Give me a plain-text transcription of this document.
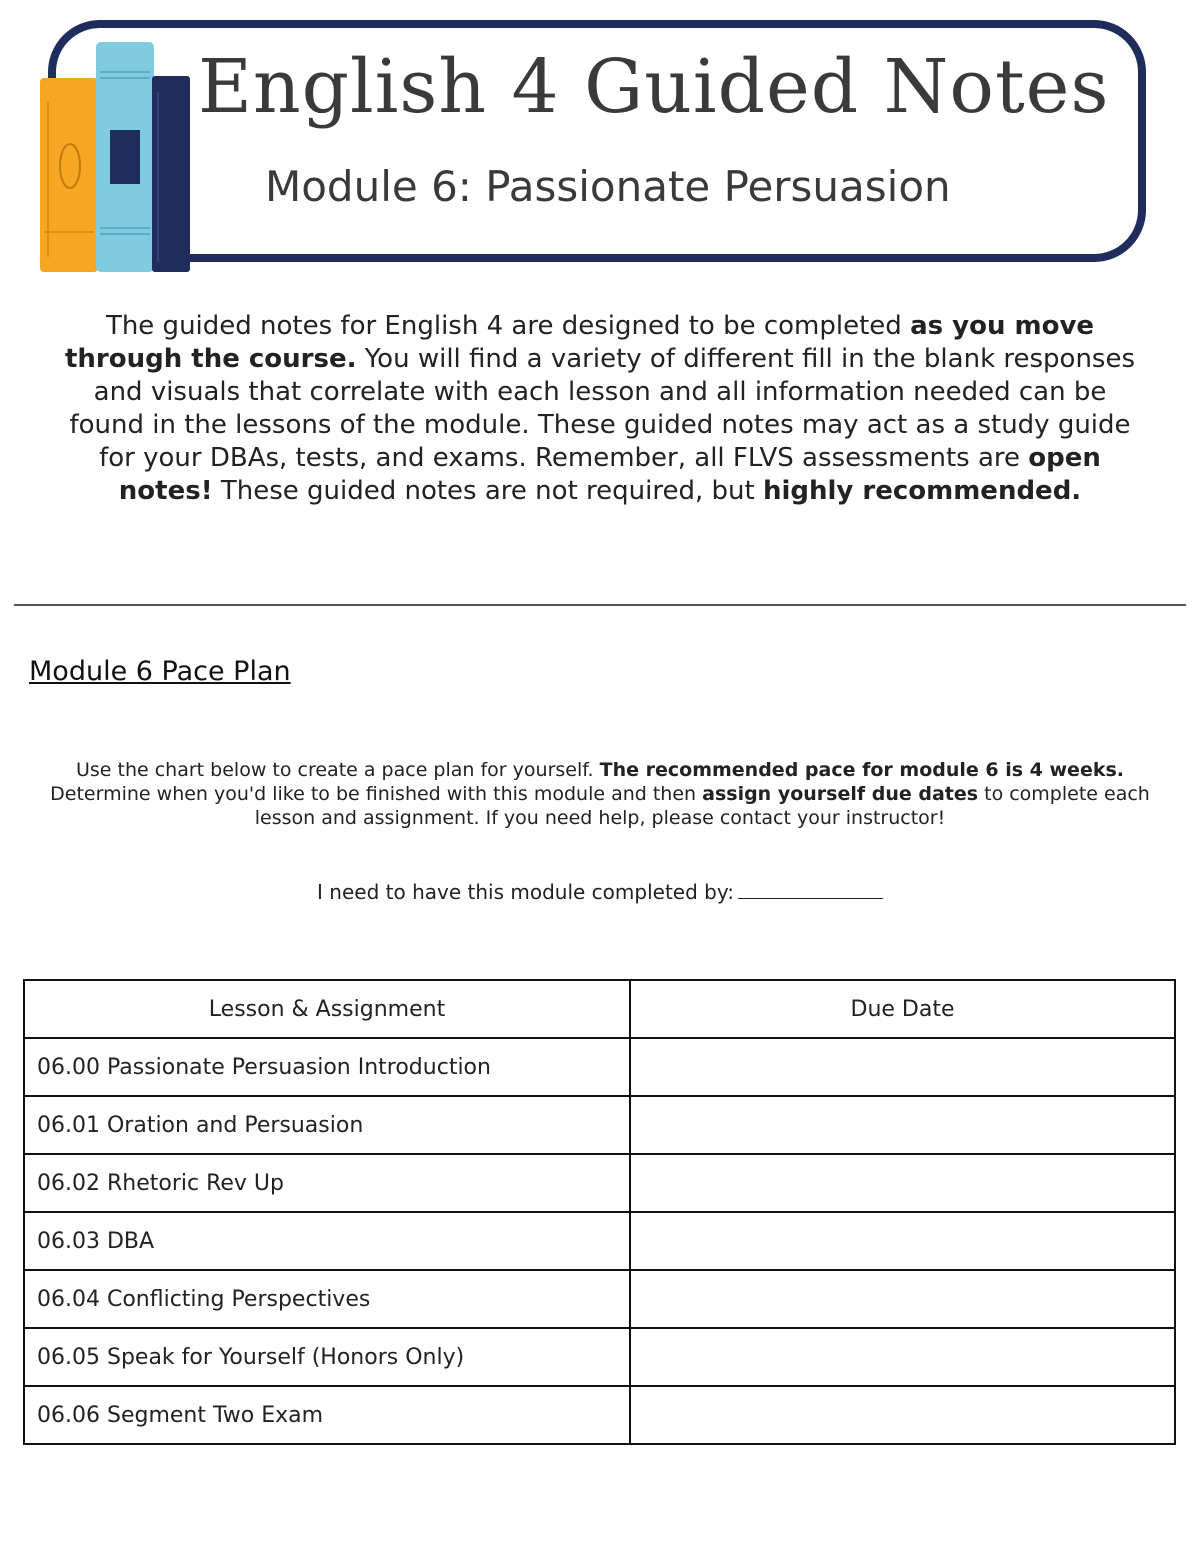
English 4 Guided Notes
Module 6: Passionate Persuasion
The guided notes for English 4 are designed to be completed as you move through the course. You will find a variety of different fill in the blank responses and visuals that correlate with each lesson and all information needed can be found in the lessons of the module. These guided notes may act as a study guide for your DBAs, tests, and exams. Remember, all FLVS assessments are open notes! These guided notes are not required, but highly recommended.
Module 6 Pace Plan
Use the chart below to create a pace plan for yourself. The recommended pace for module 6 is 4 weeks. Determine when you'd like to be finished with this module and then assign yourself due dates to complete each lesson and assignment. If you need help, please contact your instructor!
I need to have this module completed by:
Lesson & Assignment	Due Date
06.00 Passionate Persuasion Introduction	
06.01 Oration and Persuasion	
06.02 Rhetoric Rev Up	
06.03 DBA	
06.04 Conflicting Perspectives	
06.05 Speak for Yourself (Honors Only)	
06.06 Segment Two Exam	
